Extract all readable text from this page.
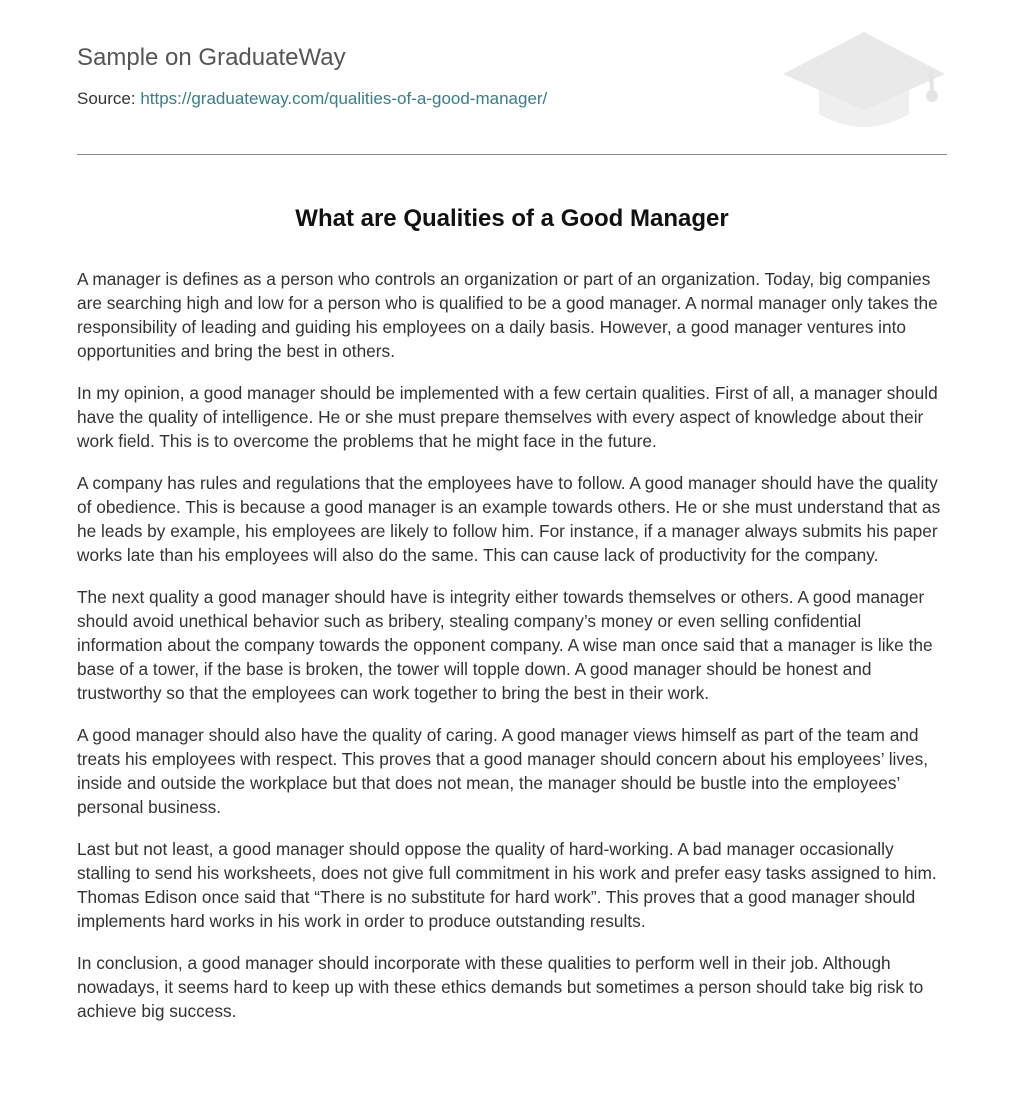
Sample on GraduateWay
Source: https://graduateway.com/qualities-of-a-good-manager/
What are Qualities of a Good Manager

A manager is defines as a person who controls an organization or part of an organization. Today, big companies are searching high and low for a person who is qualified to be a good manager. A normal manager only takes the responsibility of leading and guiding his employees on a daily basis. However, a good manager ventures into opportunities and bring the best in others.

In my opinion, a good manager should be implemented with a few certain qualities. First of all, a manager should have the quality of intelligence. He or she must prepare themselves with every aspect of knowledge about their work field. This is to overcome the problems that he might face in the future.

A company has rules and regulations that the employees have to follow. A good manager should have the quality of obedience. This is because a good manager is an example towards others. He or she must understand that as he leads by example, his employees are likely to follow him. For instance, if a manager always submits his paper works late than his employees will also do the same. This can cause lack of productivity for the company.

The next quality a good manager should have is integrity either towards themselves or others. A good manager should avoid unethical behavior such as bribery, stealing company’s money or even selling confidential information about the company towards the opponent company. A wise man once said that a manager is like the base of a tower, if the base is broken, the tower will topple down. A good manager should be honest and trustworthy so that the employees can work together to bring the best in their work.

A good manager should also have the quality of caring. A good manager views himself as part of the team and treats his employees with respect. This proves that a good manager should concern about his employees’ lives, inside and outside the workplace but that does not mean, the manager should be bustle into the employees’ personal business.

Last but not least, a good manager should oppose the quality of hard-working. A bad manager occasionally stalling to send his worksheets, does not give full commitment in his work and prefer easy tasks assigned to him. Thomas Edison once said that “There is no substitute for hard work”. This proves that a good manager should implements hard works in his work in order to produce outstanding results.

In conclusion, a good manager should incorporate with these qualities to perform well in their job. Although nowadays, it seems hard to keep up with these ethics demands but sometimes a person should take big risk to achieve big success.
